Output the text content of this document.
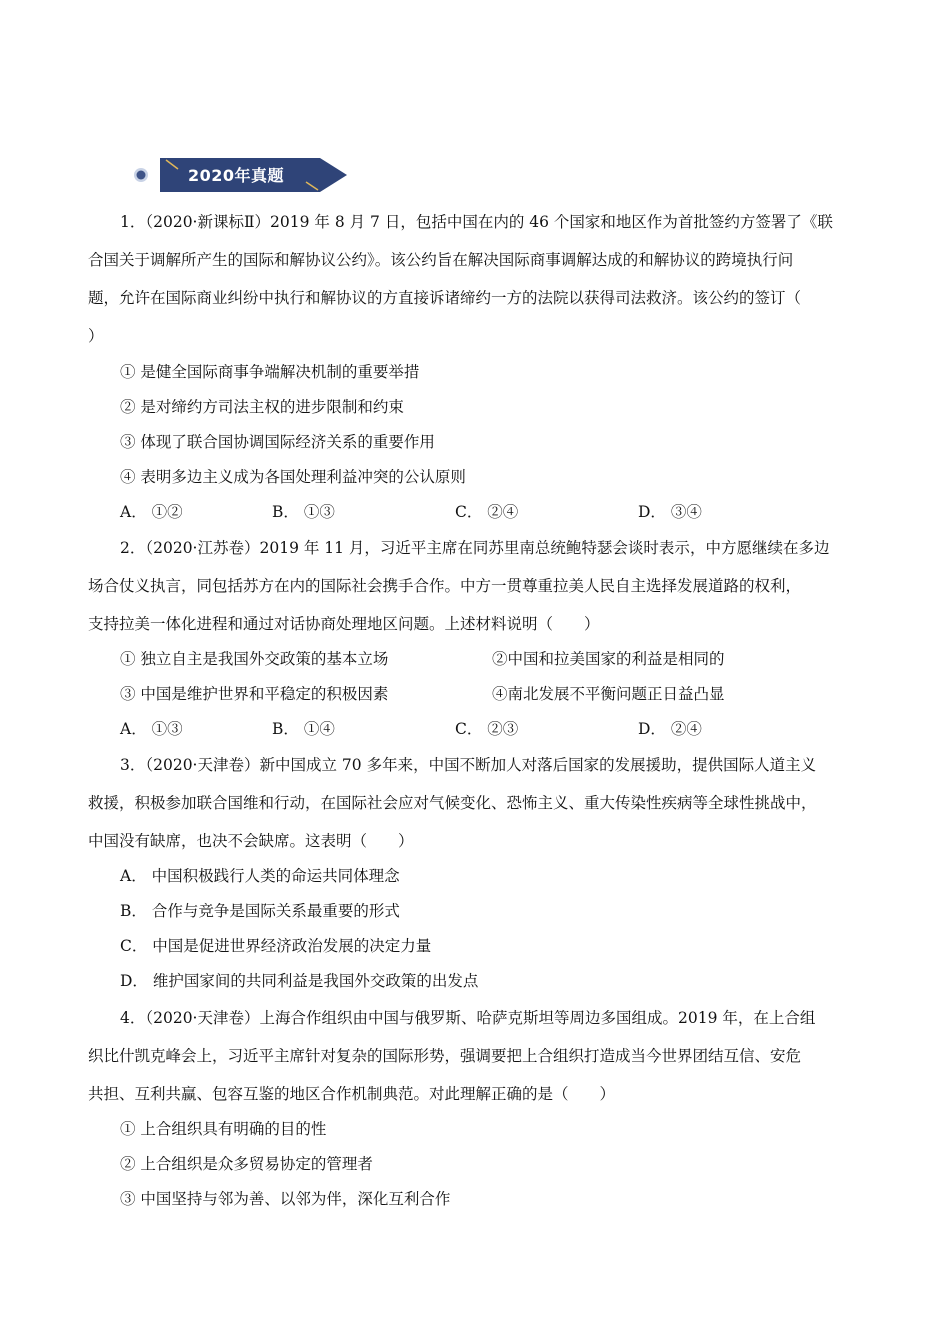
2020年真题
1．（2020·新课标Ⅱ）2019 年 8 月 7 日，包括中国在内的 46 个国家和地区作为首批签约方签署了《联
合国关于调解所产生的国际和解协议公约》。该公约旨在解决国际商事调解达成的和解协议的跨境执行问
题，允许在国际商业纠纷中执行和解协议的方直接诉诸缔约一方的法院以获得司法救济。该公约的签订（
）
① 是健全国际商事争端解决机制的重要举措
② 是对缔约方司法主权的进步限制和约束
③ 体现了联合国协调国际经济关系的重要作用
④ 表明多边主义成为各国处理利益冲突的公认原则
A． ①②	B． ①③	C． ②④	D． ③④
2．（2020·江苏卷）2019 年 11 月，习近平主席在同苏里南总统鲍特瑟会谈时表示，中方愿继续在多边
场合仗义执言，同包括苏方在内的国际社会携手合作。中方一贯尊重拉美人民自主选择发展道路的权利，
支持拉美一体化进程和通过对话协商处理地区问题。上述材料说明（　　）
① 独立自主是我国外交政策的基本立场	②中国和拉美国家的利益是相同的
③ 中国是维护世界和平稳定的积极因素	④南北发展不平衡问题正日益凸显
A． ①③	B． ①④	C． ②③	D． ②④
3．（2020·天津卷）新中国成立 70 多年来，中国不断加人对落后国家的发展援助，提供国际人道主义
救援，积极参加联合国维和行动，在国际社会应对气候变化、恐怖主义、重大传染性疾病等全球性挑战中，
中国没有缺席，也决不会缺席。这表明（　　）
A． 中国积极践行人类的命运共同体理念
B． 合作与竞争是国际关系最重要的形式
C． 中国是促进世界经济政治发展的决定力量
D． 维护国家间的共同利益是我国外交政策的出发点
4．（2020·天津卷）上海合作组织由中国与俄罗斯、哈萨克斯坦等周边多国组成。2019 年，在上合组
织比什凯克峰会上，习近平主席针对复杂的国际形势，强调要把上合组织打造成当今世界团结互信、安危
共担、互利共赢、包容互鉴的地区合作机制典范。对此理解正确的是（　　）
① 上合组织具有明确的目的性
② 上合组织是众多贸易协定的管理者
③ 中国坚持与邻为善、以邻为伴，深化互利合作
